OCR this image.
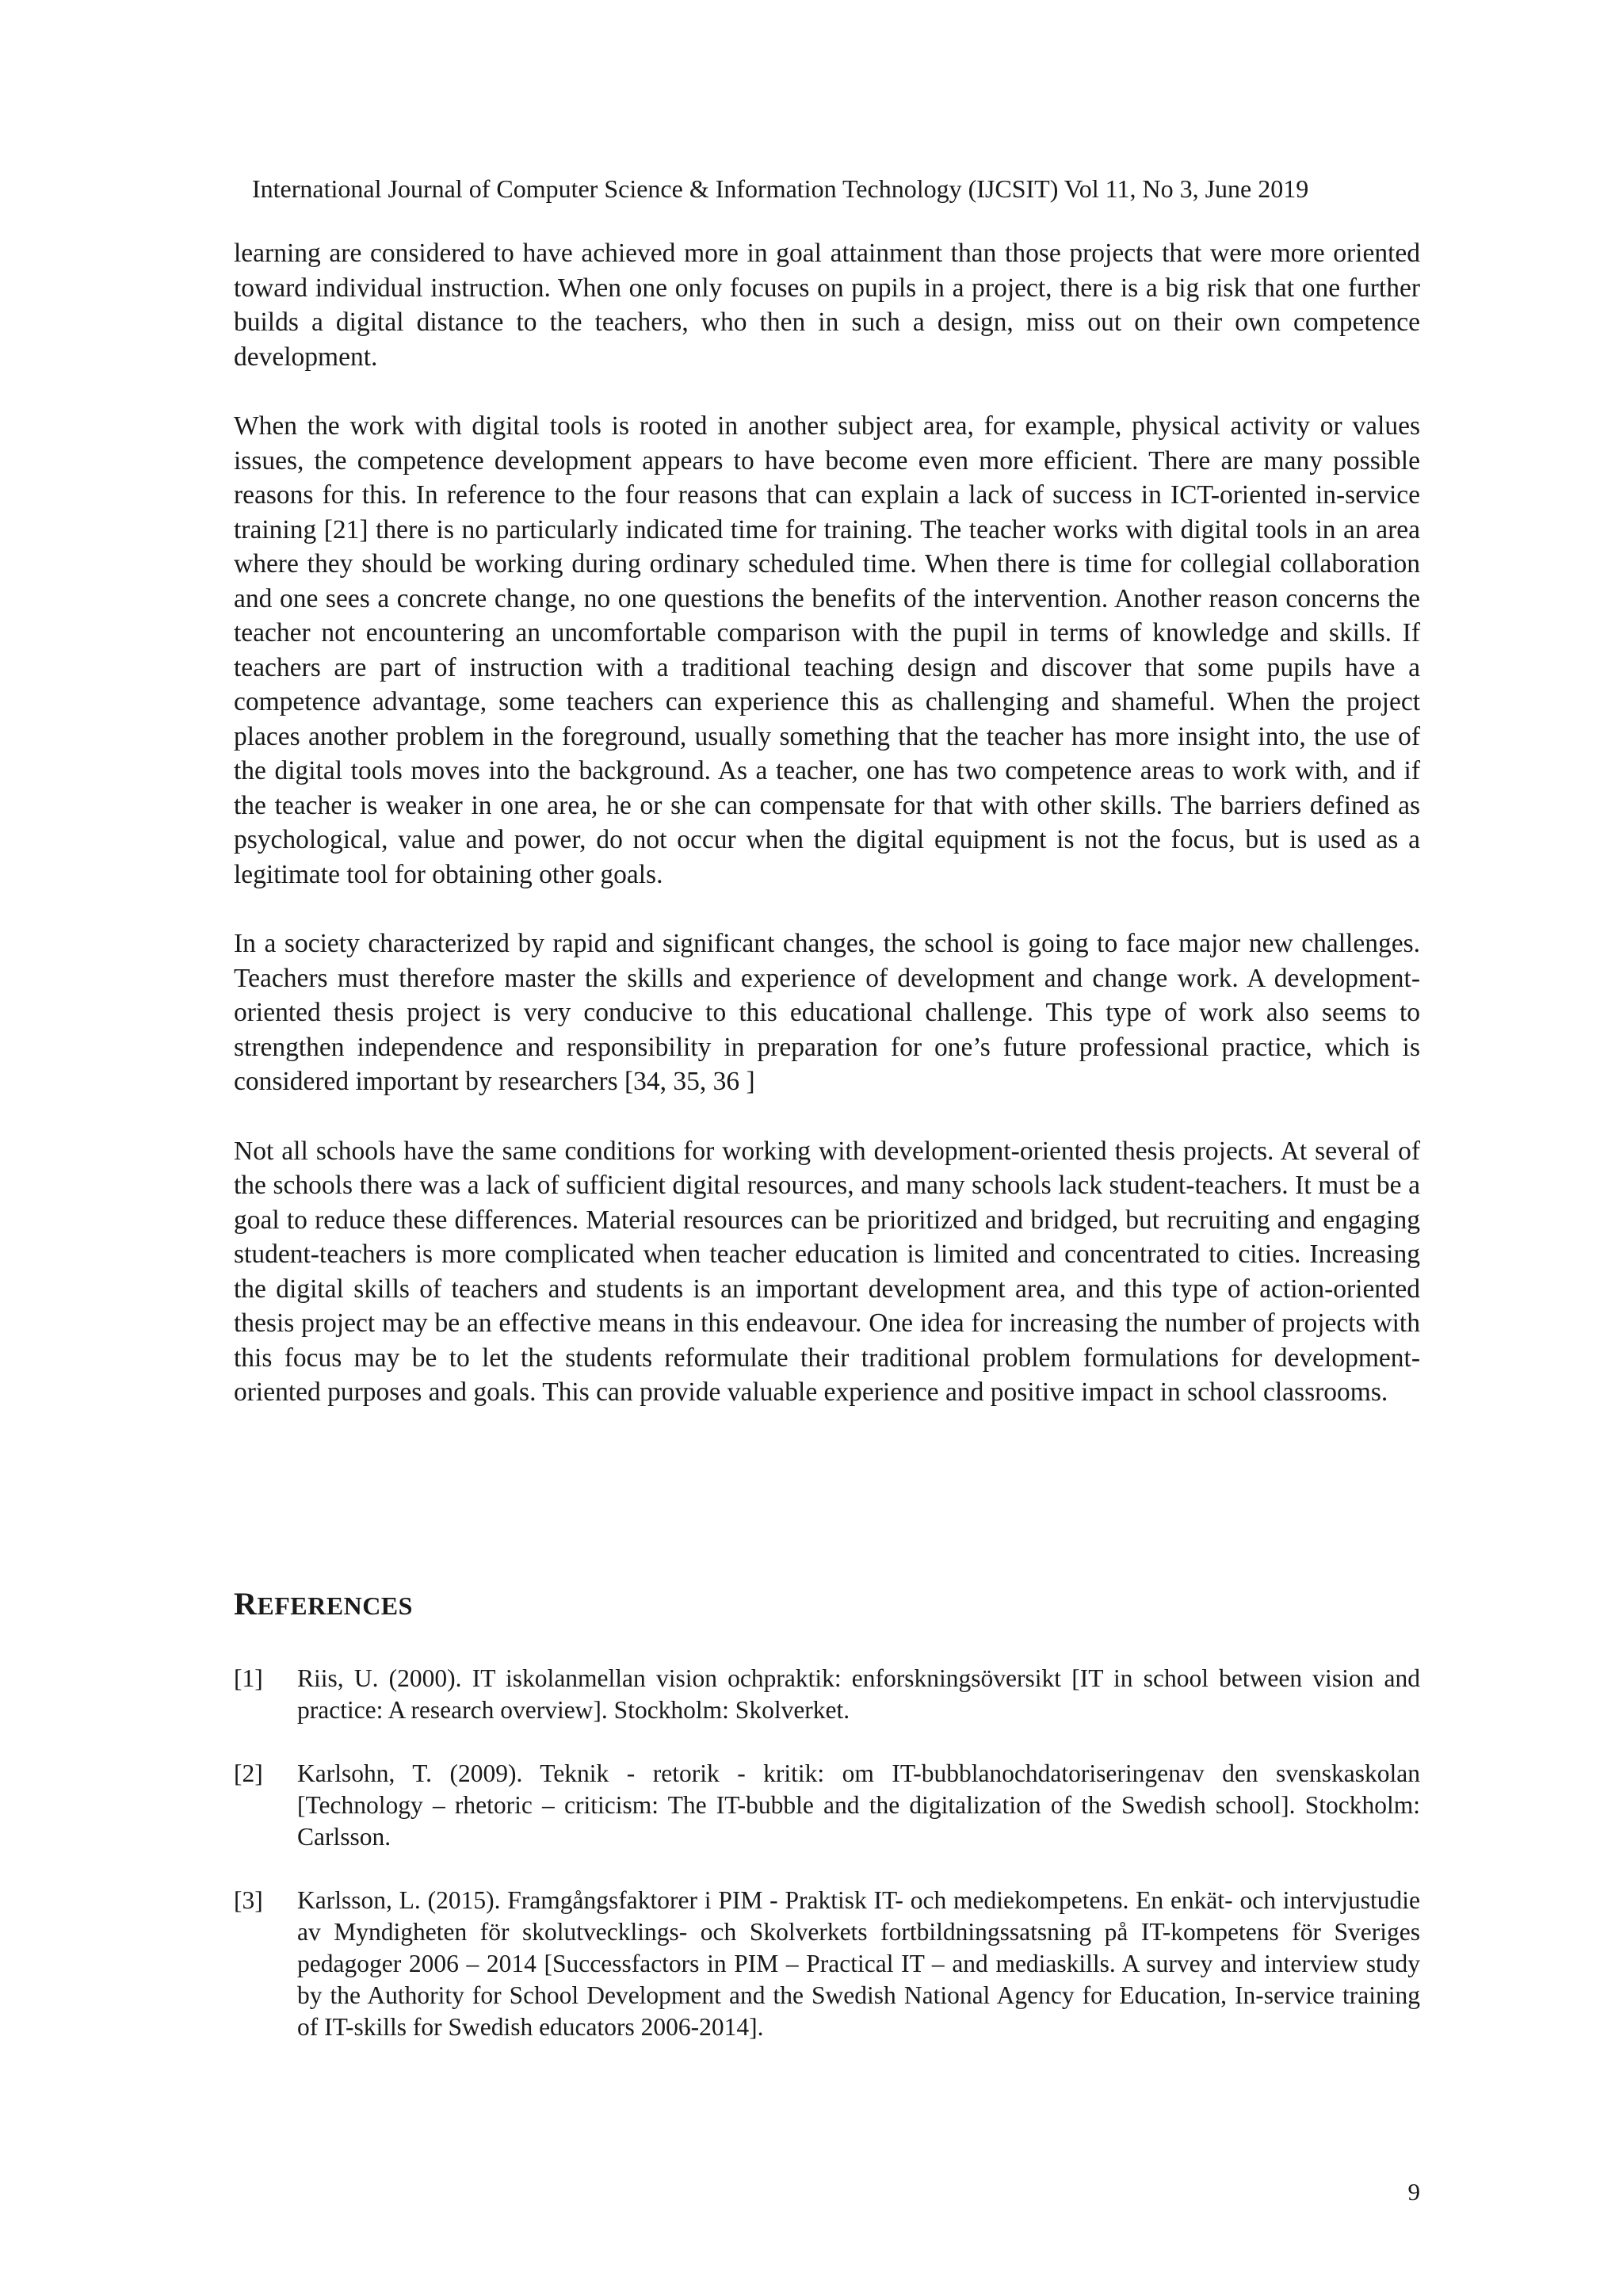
International Journal of Computer Science & Information Technology (IJCSIT) Vol 11, No 3, June 2019

learning are considered to have achieved more in goal attainment than those projects that were more oriented toward individual instruction. When one only focuses on pupils in a project, there is a big risk that one further builds a digital distance to the teachers, who then in such a design, miss out on their own competence development.

When the work with digital tools is rooted in another subject area, for example, physical activity or values issues, the competence development appears to have become even more efficient. There are many possible reasons for this. In reference to the four reasons that can explain a lack of success in ICT-oriented in-service training [21] there is no particularly indicated time for training. The teacher works with digital tools in an area where they should be working during ordinary scheduled time. When there is time for collegial collaboration and one sees a concrete change, no one questions the benefits of the intervention. Another reason concerns the teacher not encountering an uncomfortable comparison with the pupil in terms of knowledge and skills. If teachers are part of instruction with a traditional teaching design and discover that some pupils have a competence advantage, some teachers can experience this as challenging and shameful. When the project places another problem in the foreground, usually something that the teacher has more insight into, the use of the digital tools moves into the background. As a teacher, one has two competence areas to work with, and if the teacher is weaker in one area, he or she can compensate for that with other skills. The barriers defined as psychological, value and power, do not occur when the digital equipment is not the focus, but is used as a legitimate tool for obtaining other goals.

In a society characterized by rapid and significant changes, the school is going to face major new challenges. Teachers must therefore master the skills and experience of development and change work. A development-oriented thesis project is very conducive to this educational challenge. This type of work also seems to strengthen independence and responsibility in preparation for one’s future professional practice, which is considered important by researchers [34, 35, 36 ]

Not all schools have the same conditions for working with development-oriented thesis projects. At several of the schools there was a lack of sufficient digital resources, and many schools lack student-teachers. It must be a goal to reduce these differences. Material resources can be prioritized and bridged, but recruiting and engaging student-teachers is more complicated when teacher education is limited and concentrated to cities. Increasing the digital skills of teachers and students is an important development area, and this type of action-oriented thesis project may be an effective means in this endeavour. One idea for increasing the number of projects with this focus may be to let the students reformulate their traditional problem formulations for development-oriented purposes and goals. This can provide valuable experience and positive impact in school classrooms.

REFERENCES
[1]	Riis, U. (2000). IT iskolanmellan vision ochpraktik: enforskningsöversikt [IT in school between vision and practice: A research overview]. Stockholm: Skolverket.
[2]	Karlsohn, T. (2009). Teknik - retorik - kritik: om IT-bubblanochdatoriseringenav den svenskaskolan [Technology – rhetoric – criticism: The IT-bubble and the digitalization of the Swedish school]. Stockholm: Carlsson.
[3]	Karlsson, L. (2015). Framgångsfaktorer i PIM - Praktisk IT- och mediekompetens. En enkät- och intervjustudie av Myndigheten för skolutvecklings- och Skolverkets fortbildningssatsning på IT-kompetens för Sveriges pedagoger 2006 – 2014 [Successfactors in PIM – Practical IT – and mediaskills. A survey and interview study by the Authority for School Development and the Swedish National Agency for Education, In-service training of IT-skills for Swedish educators 2006-2014].
9
